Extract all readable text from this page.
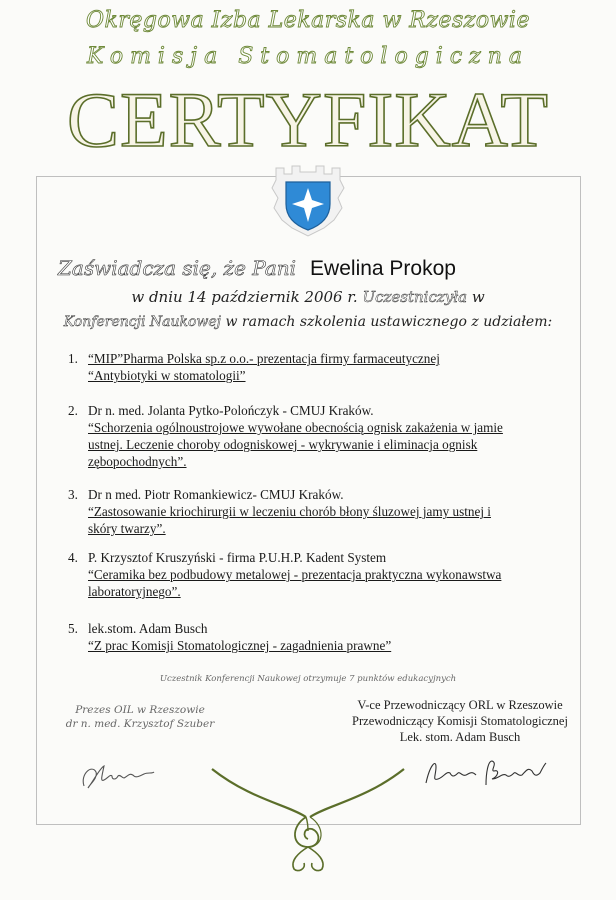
Okręgowa Izba Lekarska w Rzeszowie
Komisja Stomatologiczna
CERTYFIKAT
Zaświadcza się, że Pani Ewelina Prokop
w dniu 14 październik 2006 r. Uczestniczyła w
Konferencji Naukowej w ramach szkolenia ustawicznego z udziałem:
1. “MIP”Pharma Polska sp.z o.o.- prezentacja firmy farmaceutycznej
“Antybiotyki w stomatologii”
2. Dr n. med. Jolanta Pytko-Polończyk - CMUJ Kraków.
“Schorzenia ogólnoustrojowe wywołane obecnością ognisk zakażenia w jamie
ustnej. Leczenie choroby odogniskowej - wykrywanie i eliminacja ognisk
zębopochodnych”.
3. Dr n med. Piotr Romankiewicz- CMUJ Kraków.
“Zastosowanie kriochirurgii w leczeniu chorób błony śluzowej jamy ustnej i
skóry twarzy”.
4. P. Krzysztof Kruszyński - firma P.U.H.P. Kadent System
“Ceramika bez podbudowy metalowej - prezentacja praktyczna wykonawstwa
laboratoryjnego”.
5. lek.stom. Adam Busch
“Z prac Komisji Stomatologicznej - zagadnienia prawne”
Uczestnik Konferencji Naukowej otrzymuje 7 punktów edukacyjnych
Prezes OIL w Rzeszowie
dr n. med. Krzysztof Szuber
V-ce Przewodniczący ORL w Rzeszowie
Przewodniczący Komisji Stomatologicznej
Lek. stom. Adam Busch
